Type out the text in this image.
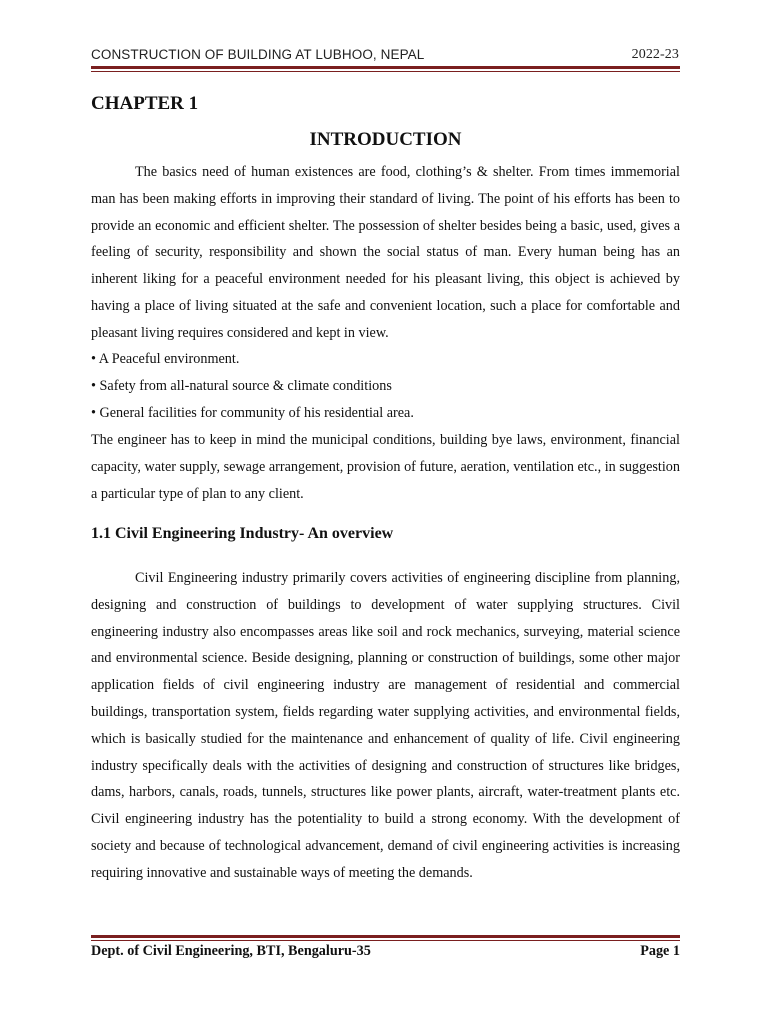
CONSTRUCTION OF BUILDING AT LUBHOO, NEPAL	2022-23
CHAPTER 1
INTRODUCTION

The basics need of human existences are food, clothing’s & shelter. From times immemorial man has been making efforts in improving their standard of living. The point of his efforts has been to provide an economic and efficient shelter. The possession of shelter besides being a basic, used, gives a feeling of security, responsibility and shown the social status of man. Every human being has an inherent liking for a peaceful environment needed for his pleasant living, this object is achieved by having a place of living situated at the safe and convenient location, such a place for comfortable and pleasant living requires considered and kept in view.

• A Peaceful environment.

• Safety from all-natural source & climate conditions

• General facilities for community of his residential area.

The engineer has to keep in mind the municipal conditions, building bye laws, environment, financial capacity, water supply, sewage arrangement, provision of future, aeration, ventilation etc., in suggestion a particular type of plan to any client.

1.1 Civil Engineering Industry- An overview

Civil Engineering industry primarily covers activities of engineering discipline from planning, designing and construction of buildings to development of water supplying structures. Civil engineering industry also encompasses areas like soil and rock mechanics, surveying, material science and environmental science. Beside designing, planning or construction of buildings, some other major application fields of civil engineering industry are management of residential and commercial buildings, transportation system, fields regarding water supplying activities, and environmental fields, which is basically studied for the maintenance and enhancement of quality of life. Civil engineering industry specifically deals with the activities of designing and construction of structures like bridges, dams, harbors, canals, roads, tunnels, structures like power plants, aircraft, water-treatment plants etc. Civil engineering industry has the potentiality to build a strong economy. With the development of society and because of technological advancement, demand of civil engineering activities is increasing requiring innovative and sustainable ways of meeting the demands.

Dept. of Civil Engineering, BTI, Bengaluru-35	Page 1
